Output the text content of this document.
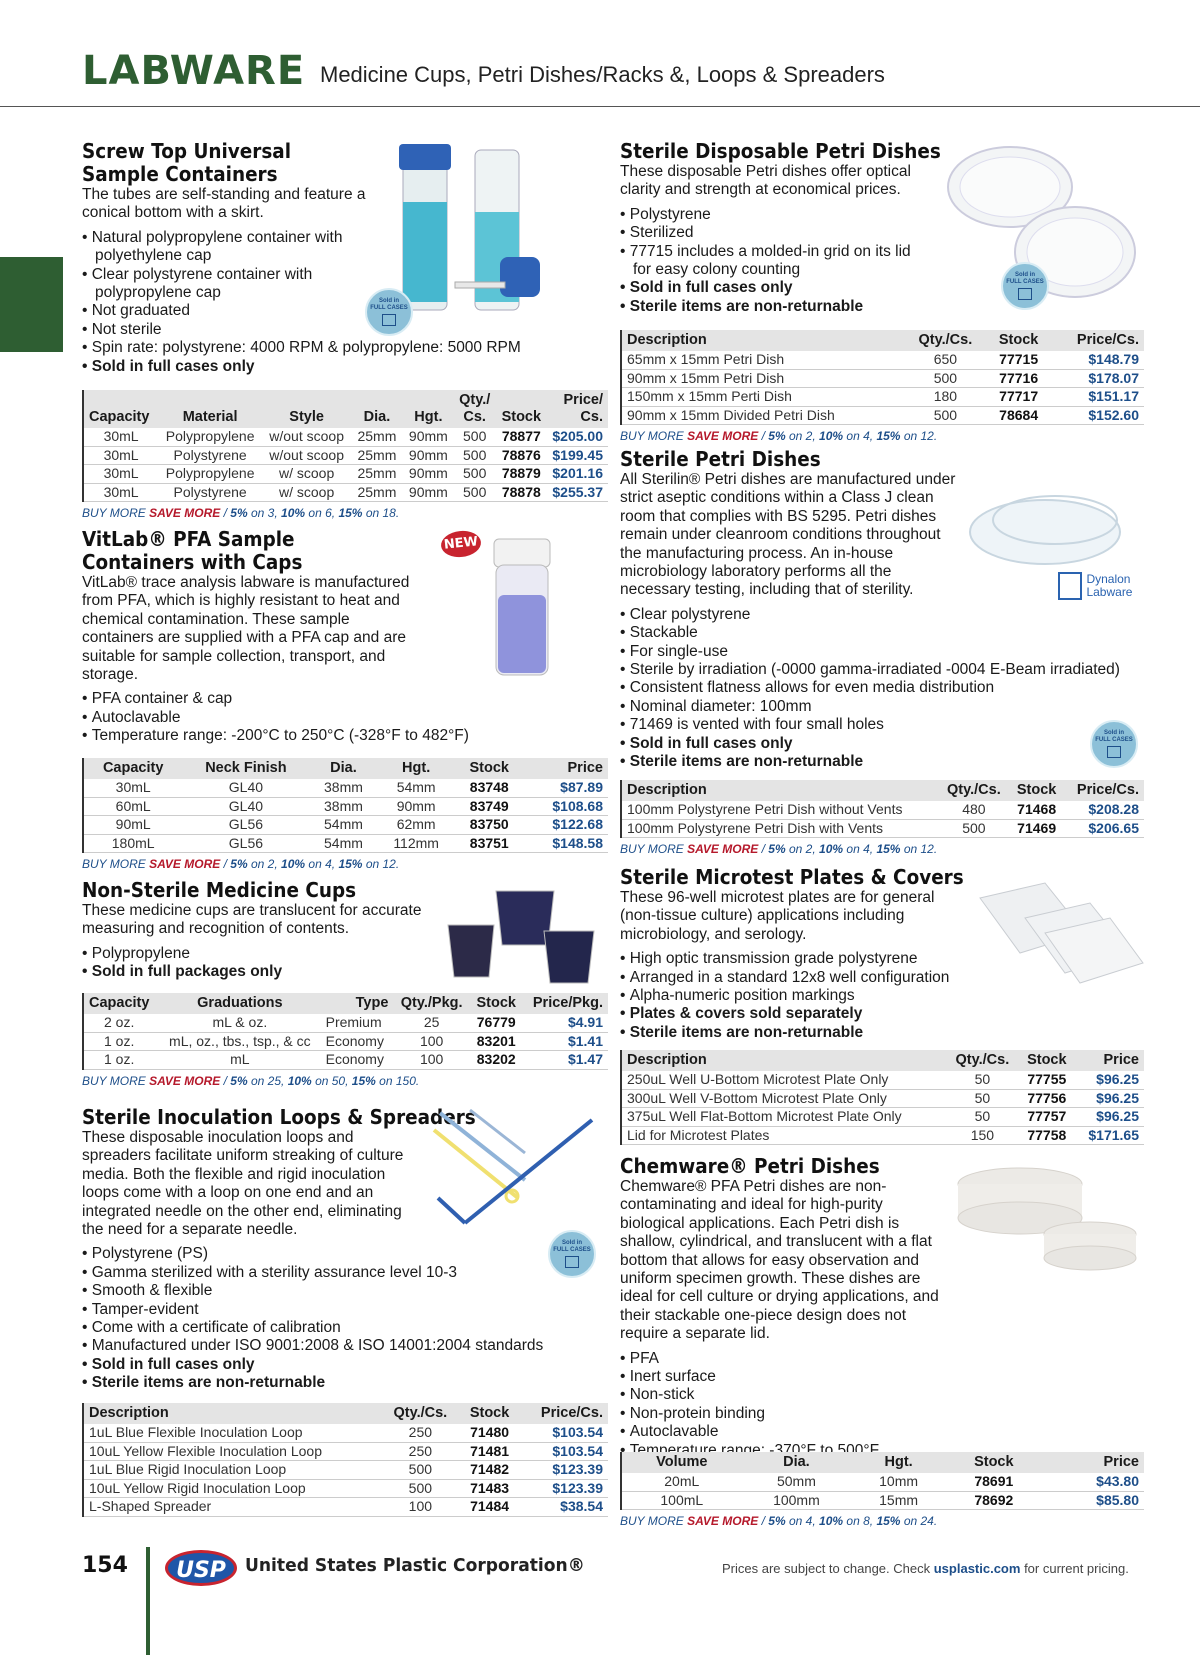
LABWARE Medicine Cups, Petri Dishes/Racks &, Loops & Spreaders
Screw Top Universal Sample Containers
The tubes are self-standing and feature a conical bottom with a skirt.
• Natural polypropylene container with polyethylene cap
• Clear polystyrene container with polypropylene cap
• Not graduated
• Not sterile
• Spin rate: polystyrene: 4000 RPM & polypropylene: 5000 RPM
• Sold in full cases only
Sold in
FULL CASES
Capacity	Material	Style	Dia.	Hgt.	Qty./ Cs.	Stock	Price/ Cs.
30mL	Polypropylene	w/out scoop	25mm	90mm	500	78877	$205.00
30mL	Polystyrene	w/out scoop	25mm	90mm	500	78876	$199.45
30mL	Polypropylene	w/ scoop	25mm	90mm	500	78879	$201.16
30mL	Polystyrene	w/ scoop	25mm	90mm	500	78878	$255.37
BUY MORE SAVE MORE / 5% on 3, 10% on 6, 15% on 18.
VitLab® PFA Sample Containers with Caps
VitLab® trace analysis labware is manufactured from PFA, which is highly resistant to heat and chemical contamination. These sample containers are supplied with a PFA cap and are suitable for sample collection, transport, and storage.
• PFA container & cap
• Autoclavable
• Temperature range: -200°C to 250°C (-328°F to 482°F)
NEW
Capacity	Neck Finish	Dia.	Hgt.	Stock	Price
30mL	GL40	38mm	54mm	83748	$87.89
60mL	GL40	38mm	90mm	83749	$108.68
90mL	GL56	54mm	62mm	83750	$122.68
180mL	GL56	54mm	112mm	83751	$148.58
BUY MORE SAVE MORE / 5% on 2, 10% on 4, 15% on 12.
Non-Sterile Medicine Cups
These medicine cups are translucent for accurate measuring and recognition of contents.
• Polypropylene
• Sold in full packages only
Capacity	Graduations	Type	Qty./Pkg.	Stock	Price/Pkg.
2 oz.	mL & oz.	Premium	25	76779	$4.91
1 oz.	mL, oz., tbs., tsp., & cc	Economy	100	83201	$1.41
1 oz.	mL	Economy	100	83202	$1.47
BUY MORE SAVE MORE / 5% on 25, 10% on 50, 15% on 150.
Sterile Inoculation Loops & Spreaders
These disposable inoculation loops and spreaders facilitate uniform streaking of culture media. Both the flexible and rigid inoculation loops come with a loop on one end and an integrated needle on the other end, eliminating the need for a separate needle.
• Polystyrene (PS)
• Gamma sterilized with a sterility assurance level 10-3
• Smooth & flexible
• Tamper-evident
• Come with a certificate of calibration
• Manufactured under ISO 9001:2008 & ISO 14001:2004 standards
• Sold in full cases only
• Sterile items are non-returnable
Sold in
FULL CASES
Description	Qty./Cs.	Stock	Price/Cs.
1uL Blue Flexible Inoculation Loop	250	71480	$103.54
10uL Yellow Flexible Inoculation Loop	250	71481	$103.54
1uL Blue Rigid Inoculation Loop	500	71482	$123.39
10uL Yellow Rigid Inoculation Loop	500	71483	$123.39
L-Shaped Spreader	100	71484	$38.54
Sterile Disposable Petri Dishes
These disposable Petri dishes offer optical clarity and strength at economical prices.
• Polystyrene
• Sterilized
• 77715 includes a molded-in grid on its lid for easy colony counting
• Sold in full cases only
• Sterile items are non-returnable
Sold in
FULL CASES
Description	Qty./Cs.	Stock	Price/Cs.
65mm x 15mm Petri Dish	650	77715	$148.79
90mm x 15mm Petri Dish	500	77716	$178.07
150mm x 15mm Perti Dish	180	77717	$151.17
90mm x 15mm Divided Petri Dish	500	78684	$152.60
BUY MORE SAVE MORE / 5% on 2, 10% on 4, 15% on 12.
Sterile Petri Dishes
All Sterilin® Petri dishes are manufactured under strict aseptic conditions within a Class J clean room that complies with BS 5295. Petri dishes remain under cleanroom conditions throughout the manufacturing process. An in-house microbiology laboratory performs all the necessary testing, including that of sterility.
• Clear polystyrene
• Stackable
• For single-use
• Sterile by irradiation (-0000 gamma-irradiated -0004 E-Beam irradiated)
• Consistent flatness allows for even media distribution
• Nominal diameter: 100mm
• 71469 is vented with four small holes
• Sold in full cases only
• Sterile items are non-returnable
Dynalon
Labware
Sold in
FULL CASES
Description	Qty./Cs.	Stock	Price/Cs.
100mm Polystyrene Petri Dish without Vents	480	71468	$208.28
100mm Polystyrene Petri Dish with Vents	500	71469	$206.65
BUY MORE SAVE MORE / 5% on 2, 10% on 4, 15% on 12.
Sterile Microtest Plates & Covers
These 96-well microtest plates are for general (non-tissue culture) applications including microbiology, and serology.
• High optic transmission grade polystyrene
• Arranged in a standard 12x8 well configuration
• Alpha-numeric position markings
• Plates & covers sold separately
• Sterile items are non-returnable
Description	Qty./Cs.	Stock	Price
250uL Well U-Bottom Microtest Plate Only	50	77755	$96.25
300uL Well V-Bottom Microtest Plate Only	50	77756	$96.25
375uL Well Flat-Bottom Microtest Plate Only	50	77757	$96.25
Lid for Microtest Plates	150	77758	$171.65
Chemware® Petri Dishes
Chemware® PFA Petri dishes are non-contaminating and ideal for high-purity biological applications. Each Petri dish is shallow, cylindrical, and translucent with a flat bottom that allows for easy observation and uniform specimen growth. These dishes are ideal for cell culture or drying applications, and their stackable one-piece design does not require a separate lid.
• PFA
• Inert surface
• Non-stick
• Non-protein binding
• Autoclavable
• Temperature range: -370°F to 500°F
Volume	Dia.	Hgt.	Stock	Price
20mL	50mm	10mm	78691	$43.80
100mL	100mm	15mm	78692	$85.80
BUY MORE SAVE MORE / 5% on 4, 10% on 8, 15% on 24.
154	USP	United States Plastic Corporation®	Prices are subject to change. Check usplastic.com for current pricing.
